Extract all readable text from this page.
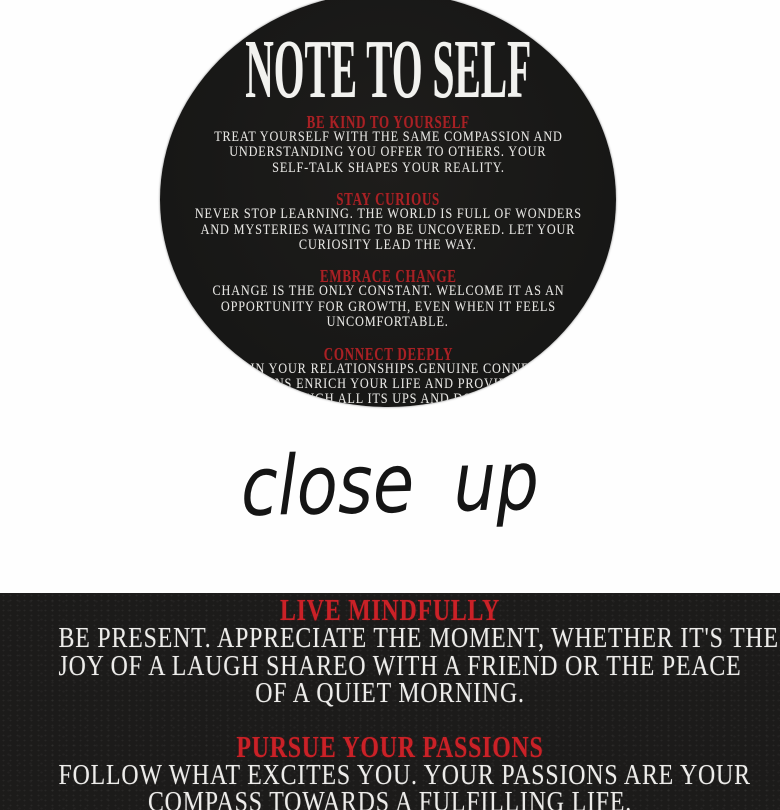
NOTE TO SELF
BE KIND TO YOURSELF
TREAT YOURSELF WITH THE SAME COMPASSION AND
UNDERSTANDING YOU OFFER TO OTHERS. YOUR
SELF-TALK SHAPES YOUR REALITY.
STAY CURIOUS
NEVER STOP LEARNING. THE WORLD IS FULL OF WONDERS
AND MYSTERIES WAITING TO BE UNCOVERED. LET YOUR
CURIOSITY LEAD THE WAY.
EMBRACE CHANGE
CHANGE IS THE ONLY CONSTANT. WELCOME IT AS AN
OPPORTUNITY FOR GROWTH, EVEN WHEN IT FEELS
UNCOMFORTABLE.
CONNECT DEEPLY
INVEST IN YOUR RELATIONSHIPS.GENUINE CONNECTIONS
CONNECTIONS ENRICH YOUR LIFE AND PROVIDE SUPPORT
THROUGH ALL ITS UPS AND DOWNS.
close up
LIVE MINDFULLY
BE PRESENT. APPRECIATE THE MOMENT, WHETHER IT'S THE
JOY OF A LAUGH SHAREO WITH A FRIEND OR THE PEACE
OF A QUIET MORNING.
PURSUE YOUR PASSIONS
FOLLOW WHAT EXCITES YOU. YOUR PASSIONS ARE YOUR
COMPASS TOWARDS A FULFILLING LIFE.
